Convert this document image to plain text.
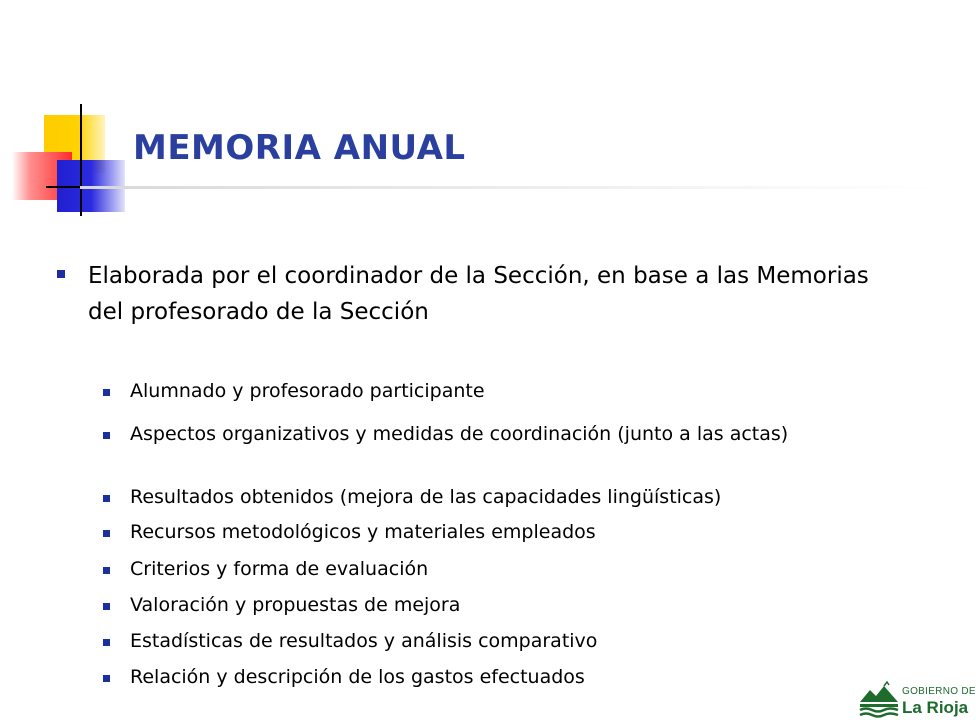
MEMORIA ANUAL

Elaborada por el coordinador de la Sección, en base a las Memorias del profesorado de la Sección

Alumnado y profesorado participante

Aspectos organizativos y medidas de coordinación (junto a las actas)

Resultados obtenidos (mejora de las capacidades lingüísticas)

Recursos metodológicos y materiales empleados

Criterios y forma de evaluación

Valoración y propuestas de mejora

Estadísticas de resultados y análisis comparativo

Relación y descripción de los gastos efectuados

GOBIERNO DE
La Rioja
